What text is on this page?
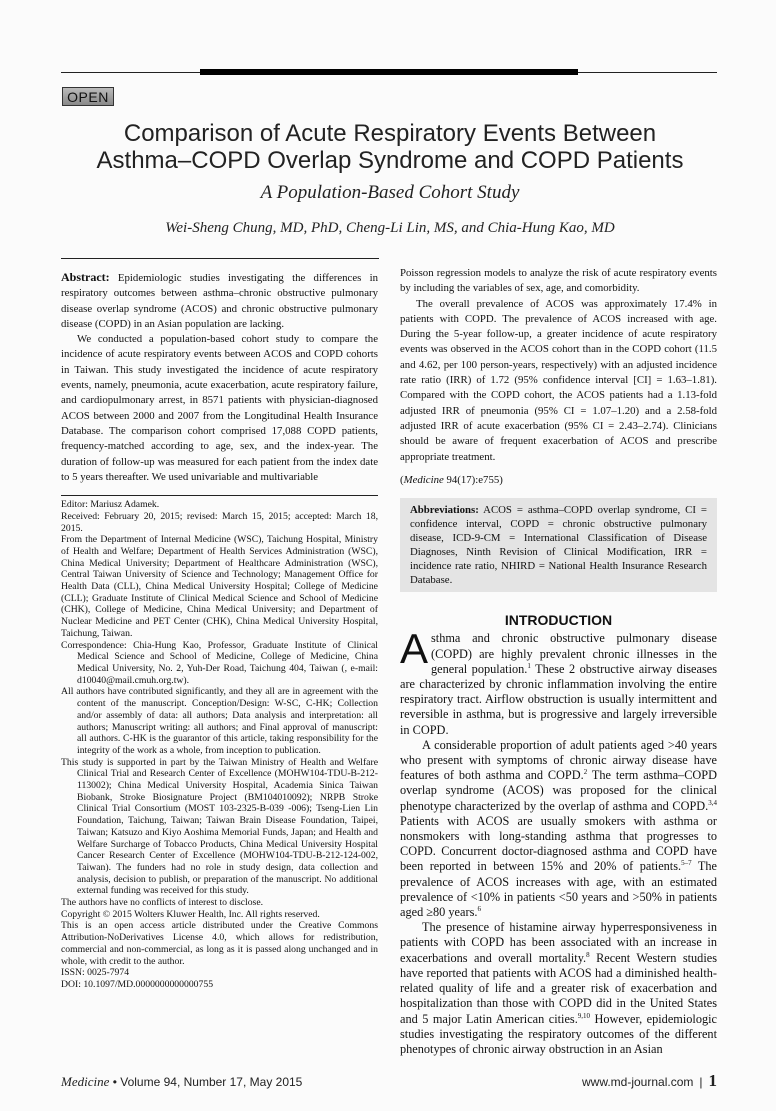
OPEN
Comparison of Acute Respiratory Events Between
Asthma–COPD Overlap Syndrome and COPD Patients
A Population-Based Cohort Study
Wei-Sheng Chung, MD, PhD, Cheng-Li Lin, MS, and Chia-Hung Kao, MD

Abstract: Epidemiologic studies investigating the differences in respiratory outcomes between asthma–chronic obstructive pulmonary disease overlap syndrome (ACOS) and chronic obstructive pulmonary disease (COPD) in an Asian population are lacking.

We conducted a population-based cohort study to compare the incidence of acute respiratory events between ACOS and COPD cohorts in Taiwan. This study investigated the incidence of acute respiratory events, namely, pneumonia, acute exacerbation, acute respiratory failure, and cardiopulmonary arrest, in 8571 patients with physician-diagnosed ACOS between 2000 and 2007 from the Longitudinal Health Insurance Database. The comparison cohort comprised 17,088 COPD patients, frequency-matched according to age, sex, and the index-year. The duration of follow-up was measured for each patient from the index date to 5 years thereafter. We used univariable and multivariable

Editor: Mariusz Adamek.

Received: February 20, 2015; revised: March 15, 2015; accepted: March 18, 2015.

From the Department of Internal Medicine (WSC), Taichung Hospital, Ministry of Health and Welfare; Department of Health Services Administration (WSC), China Medical University; Department of Healthcare Administration (WSC), Central Taiwan University of Science and Technology; Management Office for Health Data (CLL), China Medical University Hospital; College of Medicine (CLL); Graduate Institute of Clinical Medical Science and School of Medicine (CHK), College of Medicine, China Medical University; and Department of Nuclear Medicine and PET Center (CHK), China Medical University Hospital, Taichung, Taiwan.

Correspondence: Chia-Hung Kao, Professor, Graduate Institute of Clinical Medical Science and School of Medicine, College of Medicine, China Medical University, No. 2, Yuh-Der Road, Taichung 404, Taiwan (, e-mail: d10040@mail.cmuh.org.tw).

All authors have contributed significantly, and they all are in agreement with the content of the manuscript. Conception/Design: W-SC, C-HK; Collection and/or assembly of data: all authors; Data analysis and interpretation: all authors; Manuscript writing: all authors; and Final approval of manuscript: all authors. C-HK is the guarantor of this article, taking responsibility for the integrity of the work as a whole, from inception to publication.

This study is supported in part by the Taiwan Ministry of Health and Welfare Clinical Trial and Research Center of Excellence (MOHW104-TDU-B-212-113002); China Medical University Hospital, Academia Sinica Taiwan Biobank, Stroke Biosignature Project (BM10401009​2); NRPB Stroke Clinical Trial Consortium (MOST 103-2325-B-039 -006); Tseng-Lien Lin Foundation, Taichung, Taiwan; Taiwan Brain Disease Foundation, Taipei, Taiwan; Katsuzo and Kiyo Aoshima Memorial Funds, Japan; and Health and Welfare Surcharge of Tobacco Products, China Medical University Hospital Cancer Research Center of Excellence (MOHW104-TDU-B-212-124-002, Taiwan). The funders had no role in study design, data collection and analysis, decision to publish, or preparation of the manuscript. No additional external funding was received for this study.

The authors have no conflicts of interest to disclose.

Copyright © 2015 Wolters Kluwer Health, Inc. All rights reserved.

This is an open access article distributed under the Creative Commons Attribution-NoDerivatives License 4.0, which allows for redistribution, commercial and non-commercial, as long as it is passed along unchanged and in whole, with credit to the author.

ISSN: 0025-7974

DOI: 10.1097/MD.0000000000000755

Poisson regression models to analyze the risk of acute respiratory events by including the variables of sex, age, and comorbidity.

The overall prevalence of ACOS was approximately 17.4% in patients with COPD. The prevalence of ACOS increased with age. During the 5-year follow-up, a greater incidence of acute respiratory events was observed in the ACOS cohort than in the COPD cohort (11.5 and 4.62, per 100 person-years, respectively) with an adjusted incidence rate ratio (IRR) of 1.72 (95% confidence interval [CI] = 1.63–1.81). Compared with the COPD cohort, the ACOS patients had a 1.13-fold adjusted IRR of pneumonia (95% CI = 1.07–1.20) and a 2.58-fold adjusted IRR of acute exacerbation (95% CI = 2.43–2.74). Clinicians should be aware of frequent exacerbation of ACOS and prescribe appropriate treatment.

(Medicine 94(17):e755)
Abbreviations: ACOS = asthma–COPD overlap syndrome, CI = confidence interval, COPD = chronic obstructive pulmonary disease, ICD-9-CM = International Classification of Disease Diagnoses, Ninth Revision of Clinical Modification, IRR = incidence rate ratio, NHIRD = National Health Insurance Research Database.
INTRODUCTION

Asthma and chronic obstructive pulmonary disease (COPD) are highly prevalent chronic illnesses in the general population.$^1$ These 2 obstructive airway diseases are characterized by chronic inflammation involving the entire respiratory tract. Airflow obstruction is usually intermittent and reversible in asthma, but is progressive and largely irreversible in COPD.

A considerable proportion of adult patients aged >40 years who present with symptoms of chronic airway disease have features of both asthma and COPD.$^2$ The term asthma–COPD overlap syndrome (ACOS) was proposed for the clinical phenotype characterized by the overlap of asthma and COPD.$^{3,4}$ Patients with ACOS are usually smokers with asthma or nonsmokers with long-standing asthma that progresses to COPD. Concurrent doctor-diagnosed asthma and COPD have been reported in between 15% and 20% of patients.$^{5-7}$ The prevalence of ACOS increases with age, with an estimated prevalence of <10% in patients <50 years and >50% in patients aged ≥80 years.$^6$

The presence of histamine airway hyperresponsiveness in patients with COPD has been associated with an increase in exacerbations and overall mortality.$^8$ Recent Western studies have reported that patients with ACOS had a diminished health-related quality of life and a greater risk of exacerbation and hospitalization than those with COPD did in the United States and 5 major Latin American cities.$^{9,10}$ However, epidemiologic studies investigating the respiratory outcomes of the different phenotypes of chronic airway obstruction in an Asian

Medicine • Volume 94, Number 17, May 2015	www.md-journal.com | 1
